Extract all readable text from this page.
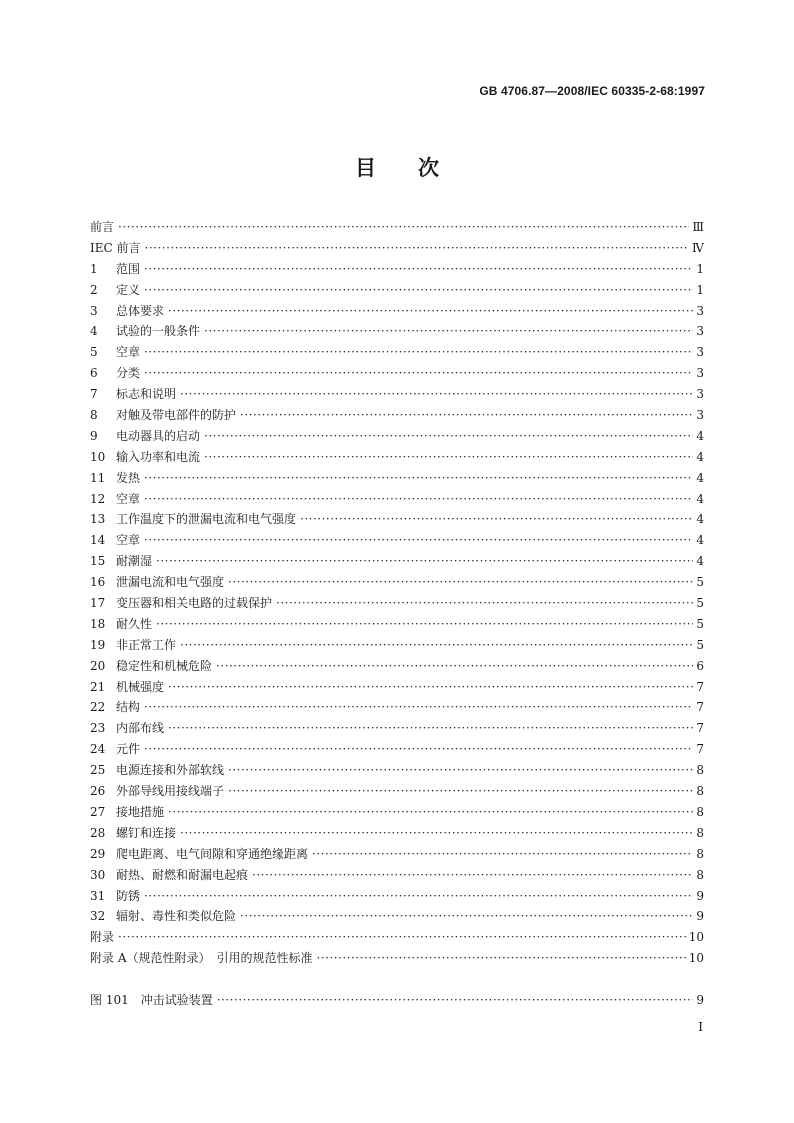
GB 4706.87—2008/IEC 60335-2-68:1997
目　　次
前言 ·····	Ⅲ
IEC 前言 ·····	Ⅳ
1	范围 ·····	1
2	定义 ·····	1
3	总体要求 ·····	3
4	试验的一般条件 ·····	3
5	空章 ·····	3
6	分类 ·····	3
7	标志和说明 ·····	3
8	对触及带电部件的防护 ·····	3
9	电动器具的启动 ·····	4
10 输入功率和电流 ·····	4
11 发热 ·····	4
12 空章 ·····	4
13 工作温度下的泄漏电流和电气强度 ·····	4
14 空章 ·····	4
15 耐潮湿 ·····	4
16 泄漏电流和电气强度 ·····	5
17 变压器和相关电路的过载保护 ·····	5
18 耐久性 ·····	5
19 非正常工作 ·····	5
20 稳定性和机械危险 ·····	6
21 机械强度 ·····	7
22 结构 ·····	7
23 内部布线 ·····	7
24 元件 ·····	7
25 电源连接和外部软线 ·····	8
26 外部导线用接线端子 ·····	8
27 接地措施 ·····	8
28 螺钉和连接 ·····	8
29 爬电距离、电气间隙和穿通绝缘距离 ·····	8
30 耐热、耐燃和耐漏电起痕 ·····	8
31 防锈 ·····	9
32 辐射、毒性和类似危险 ·····	9
附录 ·····	10
附录 A（规范性附录）　引用的规范性标准 ·····	10
图 101　冲击试验装置 ·····	9
I
